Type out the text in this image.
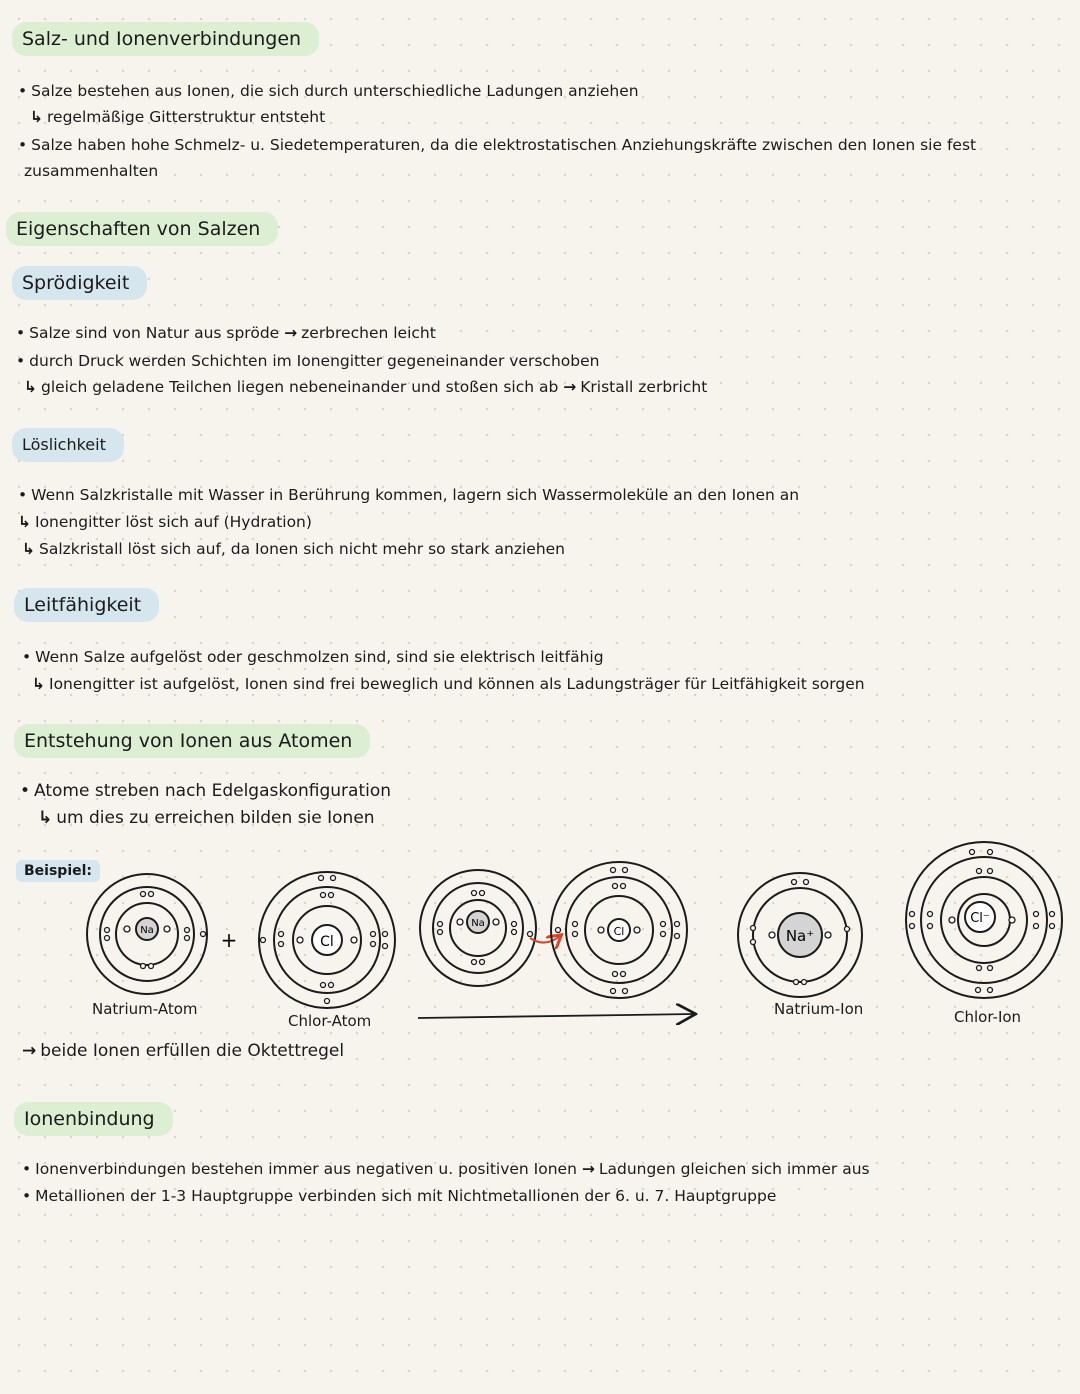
Salz- und Ionenverbindungen
• Salze bestehen aus Ionen, die sich durch unterschiedliche Ladungen anziehen
↳ regelmäßige Gitterstruktur entsteht
• Salze haben hohe Schmelz- u. Siedetemperaturen, da die elektrostatischen Anziehungskräfte zwischen den Ionen sie fest
zusammenhalten
Eigenschaften von Salzen
Sprödigkeit
• Salze sind von Natur aus spröde → zerbrechen leicht
• durch Druck werden Schichten im Ionengitter gegeneinander verschoben
↳ gleich geladene Teilchen liegen nebeneinander und stoßen sich ab → Kristall zerbricht
Löslichkeit
• Wenn Salzkristalle mit Wasser in Berührung kommen, lagern sich Wassermoleküle an den Ionen an
↳ Ionengitter löst sich auf (Hydration)
↳ Salzkristall löst sich auf, da Ionen sich nicht mehr so stark anziehen
Leitfähigkeit
• Wenn Salze aufgelöst oder geschmolzen sind, sind sie elektrisch leitfähig
↳ Ionengitter ist aufgelöst, Ionen sind frei beweglich und können als Ladungsträger für Leitfähigkeit sorgen
Entstehung von Ionen aus Atomen
• Atome streben nach Edelgaskonfiguration
↳ um dies zu erreichen bilden sie Ionen
Beispiel:
Na	+	Cl
Na
Cl	Na⁺
Cl⁻
Natrium-Atom
Chlor-Atom
Natrium-Ion	Chlor-Ion
→ beide Ionen erfüllen die Oktettregel
Ionenbindung
• Ionenverbindungen bestehen immer aus negativen u. positiven Ionen → Ladungen gleichen sich immer aus
• Metallionen der 1-3 Hauptgruppe verbinden sich mit Nichtmetallionen der 6. u. 7. Hauptgruppe
